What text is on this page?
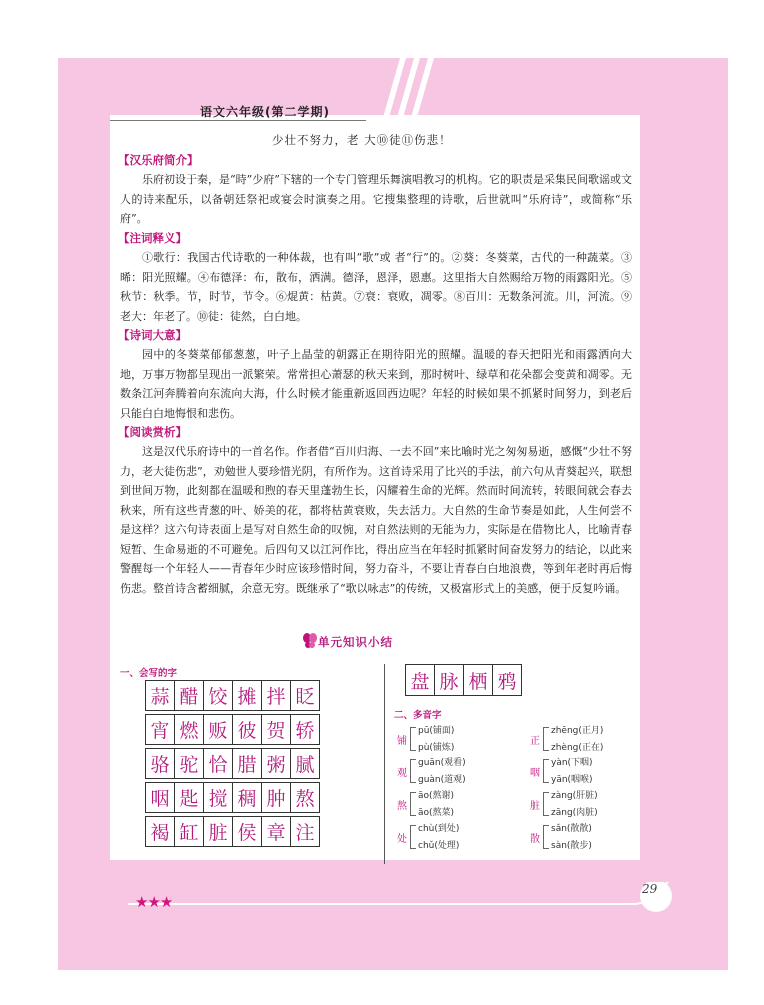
语文六年级(第二学期)
少壮不努力，老 大⑩徒⑪伤悲！
【汉乐府简介】
乐府初设于秦，是“時”少府”下辖的一个专门管理乐舞演唱教习的机构。它的职责是采集民间歌谣或文人的诗来配乐，以备朝廷祭祀或宴会时演奏之用。它搜集整理的诗歌，后世就叫“乐府诗”，或简称“乐府”。
【注词释义】
①歌行：我国古代诗歌的一种体裁，也有叫“歌”或 者“行”的。②葵：冬葵菜，古代的一种蔬菜。③晞：阳光照耀。④布德泽：布，散布，洒满。德泽，恩泽，恩惠。这里指大自然赐给万物的雨露阳光。⑤秋节：秋季。节，时节，节令。⑥焜黄：枯黄。⑦衰：衰败，凋零。⑧百川：无数条河流。川，河流。⑨老大：年老了。⑩徒：徒然，白白地。
【诗词大意】
园中的冬葵菜郁郁葱葱，叶子上晶莹的朝露正在期待阳光的照耀。温暖的春天把阳光和雨露洒向大地，万事万物都呈现出一派繁荣。常常担心萧瑟的秋天来到，那时树叶、绿草和花朵都会变黄和凋零。无数条江河奔腾着向东流向大海，什么时候才能重新返回西边呢？年轻的时候如果不抓紧时间努力，到老后只能白白地悔恨和悲伤。
【阅读赏析】
这是汉代乐府诗中的一首名作。作者借“百川归海、一去不回”来比喻时光之匆匆易逝，感慨“少壮不努力，老大徒伤悲”，劝勉世人要珍惜光阴，有所作为。这首诗采用了比兴的手法，前六句从青葵起兴，联想到世间万物，此刻都在温暖和煦的春天里蓬勃生长，闪耀着生命的光辉。然而时间流转，转眼间就会春去秋来，所有这些青葱的叶、娇美的花，都将枯黄衰败，失去活力。大自然的生命节奏是如此，人生何尝不是这样？这六句诗表面上是写对自然生命的叹惋，对自然法则的无能为力，实际是在借物比人，比喻青春短暂、生命易逝的不可避免。后四句又以江河作比，得出应当在年轻时抓紧时间奋发努力的结论，以此来警醒每一个年轻人——青春年少时应该珍惜时间，努力奋斗，不要让青春白白地浪费，等到年老时再后悔伤悲。整首诗含蓄细腻，余意无穷。既继承了“歌以咏志”的传统，又极富形式上的美感，便于反复吟诵。
单元知识小结
一、会写的字
蒜	醋	饺	摊	拌	眨

宵	燃	贩	彼	贺	轿

骆	驼	恰	腊	粥	腻

咽	匙	搅	稠	肿	熬

褐	缸	脏	侯	章	注
盘	脉	栖	鸦
二、多音字
铺
pū(铺面)
pù(铺炼)
观
guān(观看)
guàn(道观)
熬
āo(熬谢)
āo(熬菜)
处
chù(到处)
chǔ(处理)
正
zhēng(正月)
zhèng(正在)
咽
yàn(下咽)
yān(咽喉)
脏
zàng(肝脏)
zāng(肉脏)
散
sǎn(散散)
sàn(散步)
★★★
29
